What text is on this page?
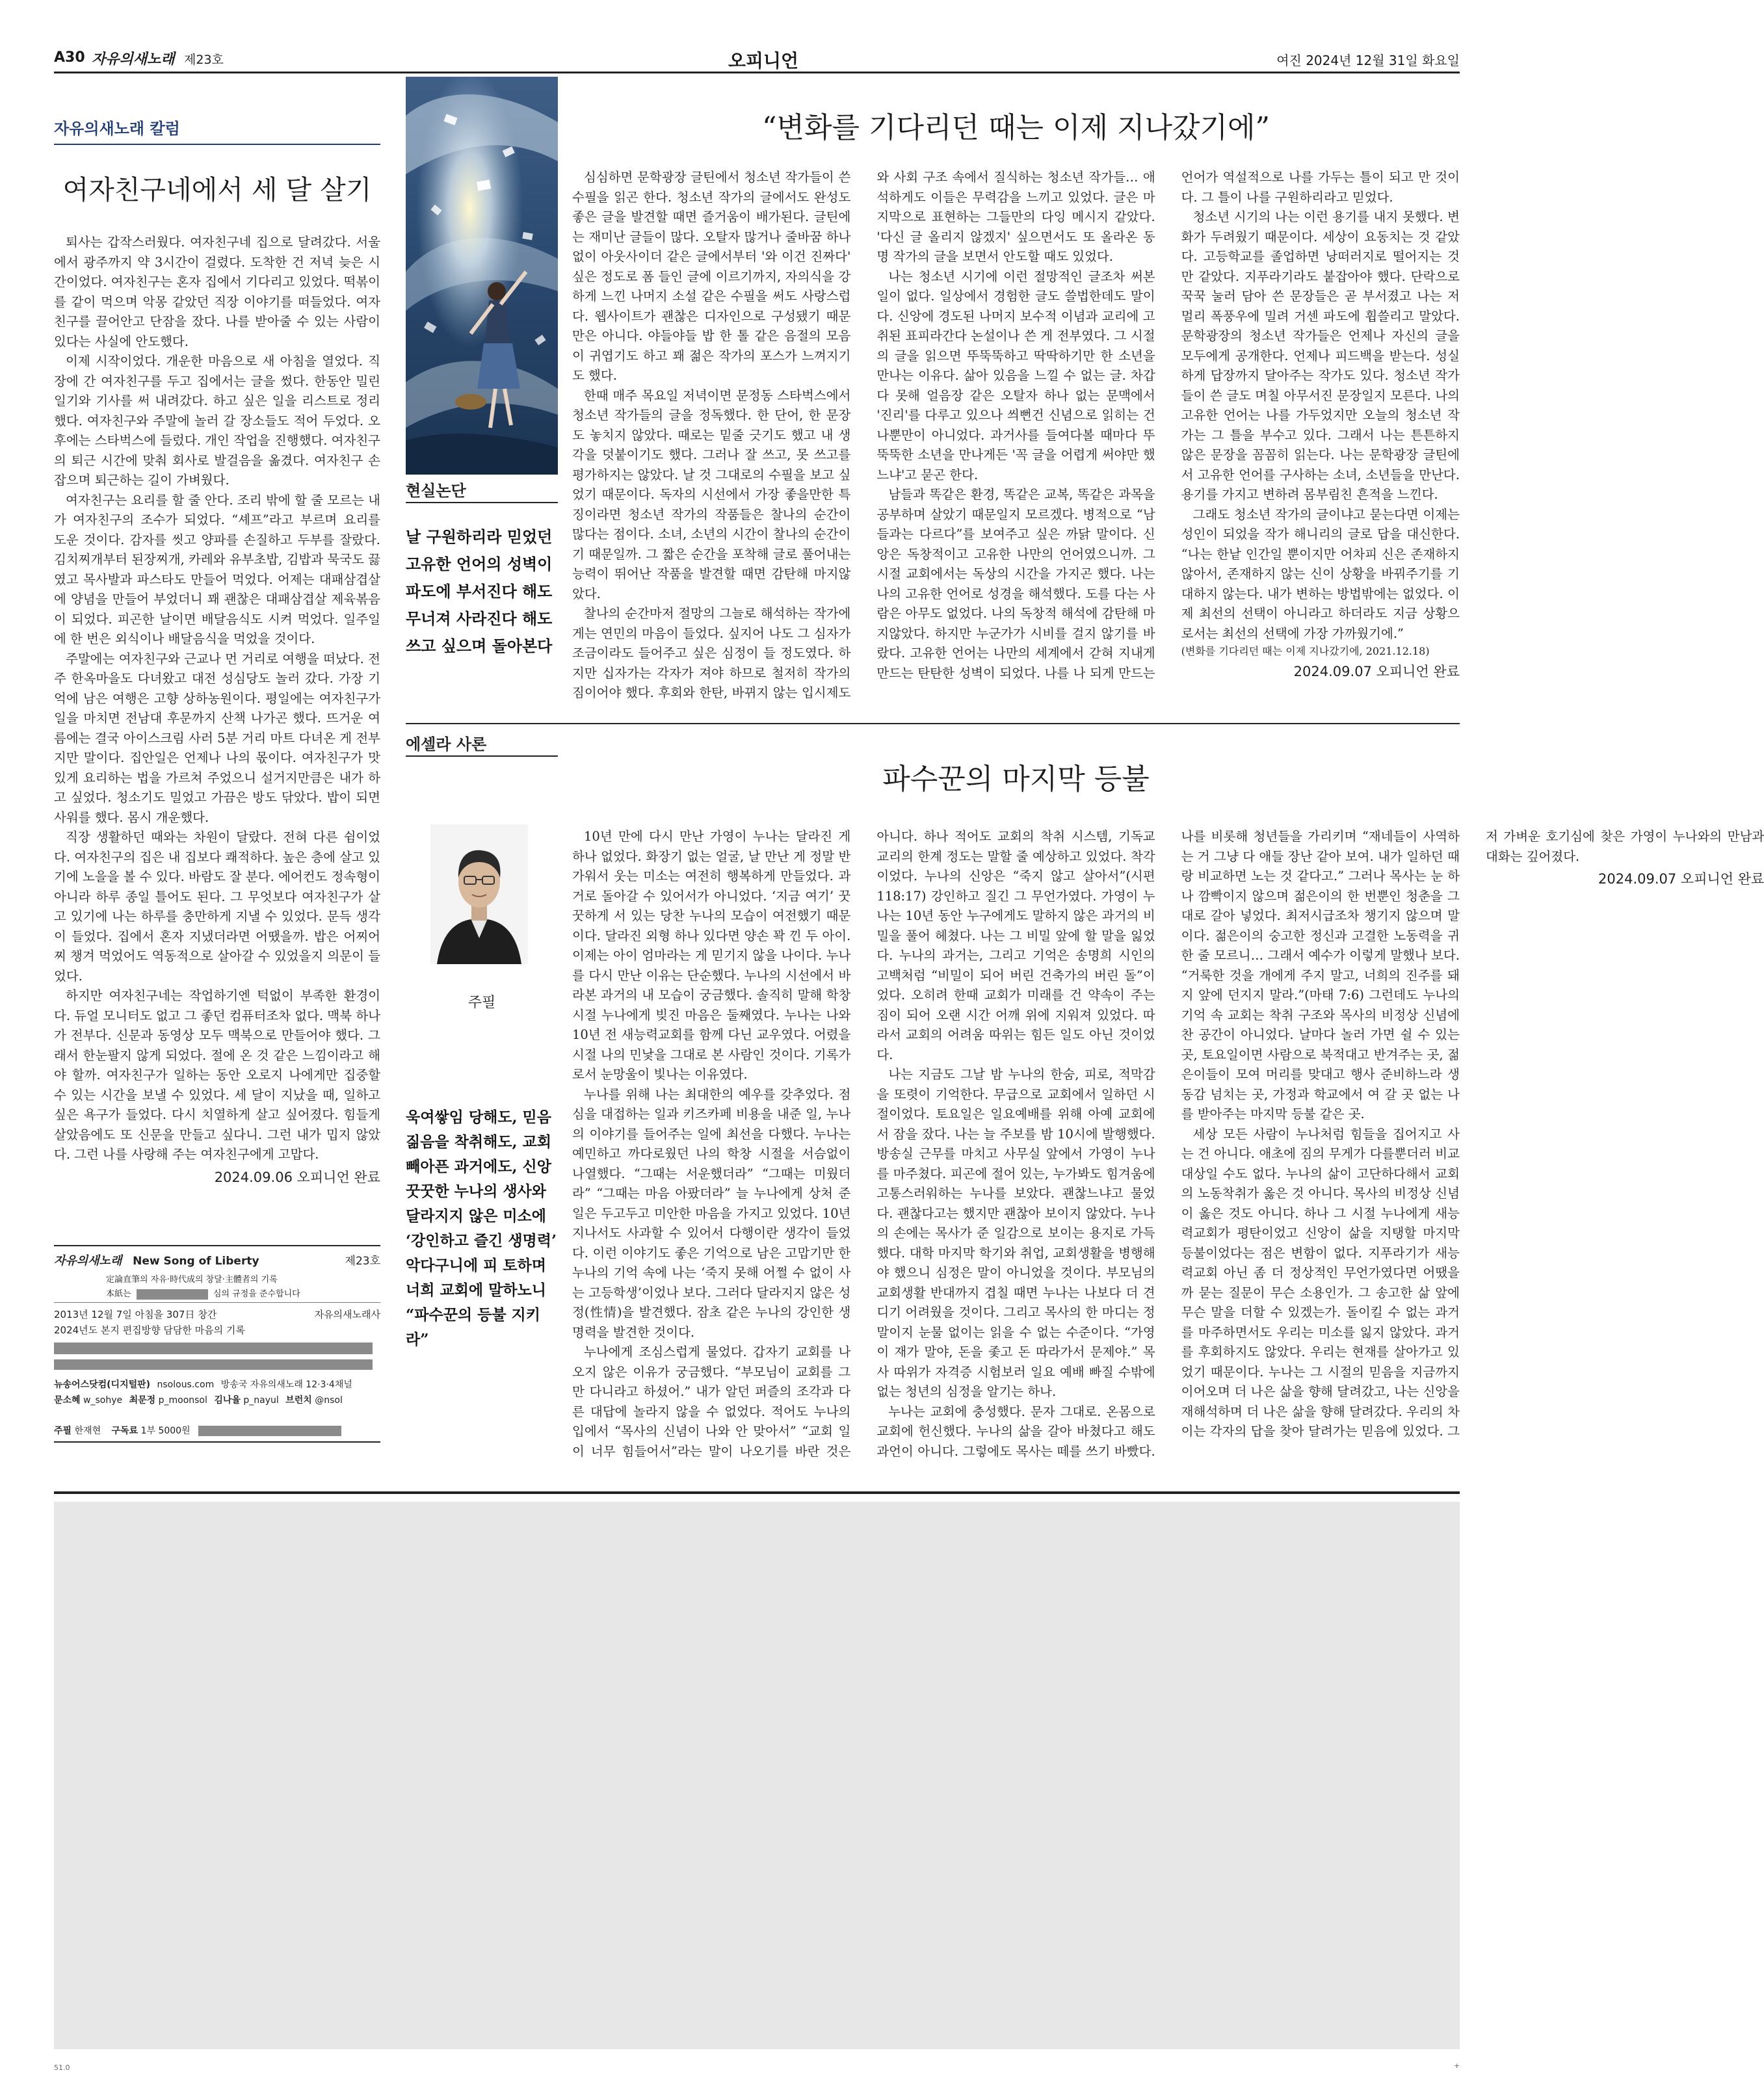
A30 자유의새노래 제23호	오피니언	여진 2024년 12월 31일 화요일
자유의새노래 칼럼
여자친구네에서 세 달 살기

퇴사는 갑작스러웠다. 여자친구네 집으로 달려갔다. 서울에서 광주까지 약 3시간이 걸렸다. 도착한 건 저녁 늦은 시간이었다. 여자친구는 혼자 집에서 기다리고 있었다. 떡볶이를 같이 먹으며 악몽 같았던 직장 이야기를 떠들었다. 여자친구를 끌어안고 단잠을 잤다. 나를 받아줄 수 있는 사람이 있다는 사실에 안도했다.

이제 시작이었다. 개운한 마음으로 새 아침을 열었다. 직장에 간 여자친구를 두고 집에서는 글을 썼다. 한동안 밀린 일기와 기사를 써 내려갔다. 하고 싶은 일을 리스트로 정리했다. 여자친구와 주말에 놀러 갈 장소들도 적어 두었다. 오후에는 스타벅스에 들렀다. 개인 작업을 진행했다. 여자친구의 퇴근 시간에 맞춰 회사로 발걸음을 옮겼다. 여자친구 손잡으며 퇴근하는 길이 가벼웠다.

여자친구는 요리를 할 줄 안다. 조리 밖에 할 줄 모르는 내가 여자친구의 조수가 되었다. “셰프”라고 부르며 요리를 도운 것이다. 감자를 씻고 양파를 손질하고 두부를 잘랐다. 김치찌개부터 된장찌개, 카레와 유부초밥, 김밥과 묵국도 끓였고 목사발과 파스타도 만들어 먹었다. 어제는 대패삼겹살에 양념을 만들어 부었더니 꽤 괜찮은 대패삼겹살 제육볶음이 되었다. 피곤한 날이면 배달음식도 시켜 먹었다. 일주일에 한 번은 외식이나 배달음식을 먹었을 것이다.

주말에는 여자친구와 근교나 먼 거리로 여행을 떠났다. 전주 한옥마을도 다녀왔고 대전 성심당도 놀러 갔다. 가장 기억에 남은 여행은 고향 상하농원이다. 평일에는 여자친구가 일을 마치면 전남대 후문까지 산책 나가곤 했다. 뜨거운 여름에는 결국 아이스크림 사러 5분 거리 마트 다녀온 게 전부지만 말이다. 집안일은 언제나 나의 몫이다. 여자친구가 맛있게 요리하는 법을 가르쳐 주었으니 설거지만큼은 내가 하고 싶었다. 청소기도 밀었고 가끔은 방도 닦았다. 밥이 되면 사워를 했다. 몸시 개운했다.

직장 생활하던 때와는 차원이 달랐다. 전혀 다른 쉼이었다. 여자친구의 집은 내 집보다 쾌적하다. 높은 층에 살고 있기에 노을을 볼 수 있다. 바람도 잘 분다. 에어컨도 정속형이 아니라 하루 종일 틀어도 된다. 그 무엇보다 여자친구가 살고 있기에 나는 하루를 충만하게 지낼 수 있었다. 문득 생각이 들었다. 집에서 혼자 지냈더라면 어땠을까. 밥은 어찌어찌 챙겨 먹었어도 역동적으로 살아갈 수 있었을지 의문이 들었다.

하지만 여자친구네는 작업하기엔 턱없이 부족한 환경이다. 듀얼 모니터도 없고 그 좋던 컴퓨터조차 없다. 맥북 하나가 전부다. 신문과 동영상 모두 맥북으로 만들어야 했다. 그래서 한눈팔지 않게 되었다. 절에 온 것 같은 느낌이라고 해야 할까. 여자친구가 일하는 동안 오로지 나에게만 집중할 수 있는 시간을 보낼 수 있었다. 세 달이 지났을 때, 일하고 싶은 욕구가 들었다. 다시 치열하게 살고 싶어졌다. 힘들게 살았음에도 또 신문을 만들고 싶다니. 그런 내가 밉지 않았다. 그런 나를 사랑해 주는 여자친구에게 고맙다.

2024.09.06 오피니언 완료
자유의새노래 New Song of Liberty	제23호
定論直筆의 자유·時代成의 창달·主體者의 기록
本紙는	심의 규정을 준수합니다
2013년 12월 7일 아침을 307日 창간	자유의새노래사
2024년도 본지 편집방향 담담한 마음의 기록
뉴송어스닷컴(디지털판) nsolous.com 방송국 자유의새노래 12·3·4채널
문소혜 w_sohye 최문정 p_moonsol 김나율 p_nayul 브런치 @nsol
주필 한재현 구독료 1부 5000원
현실논단
날 구원하리라 믿었던 고유한 언어의 성벽이 파도에 부서진다 해도 무너져 사라진다 해도 쓰고 싶으며 돌아본다
“변화를 기다리던 때는 이제 지나갔기에”

심심하면 문학광장 글틴에서 청소년 작가들이 쓴 수필을 읽곤 한다. 청소년 작가의 글에서도 완성도 좋은 글을 발견할 때면 즐거움이 배가된다. 글틴에는 재미난 글들이 많다. 오탈자 많거나 줄바꿈 하나 없이 아웃사이더 같은 글에서부터 '와 이건 진짜다' 싶은 정도로 폼 들인 글에 이르기까지, 자의식을 강하게 느낀 나머지 소설 같은 수필을 써도 사랑스럽다. 웹사이트가 괜찮은 디자인으로 구성됐기 때문만은 아니다. 야들야들 밥 한 톨 같은 음절의 모음이 귀엽기도 하고 꽤 젊은 작가의 포스가 느껴지기도 했다.

한때 매주 목요일 저녁이면 문정동 스타벅스에서 청소년 작가들의 글을 정독했다. 한 단어, 한 문장도 놓치지 않았다. 때로는 밑줄 긋기도 했고 내 생각을 덧붙이기도 했다. 그러나 잘 쓰고, 못 쓰고를 평가하지는 않았다. 날 것 그대로의 수필을 보고 싶었기 때문이다. 독자의 시선에서 가장 좋을만한 특징이라면 청소년 작가의 작품들은 찰나의 순간이 많다는 점이다. 소녀, 소년의 시간이 찰나의 순간이기 때문일까. 그 짧은 순간을 포착해 글로 풀어내는 능력이 뛰어난 작품을 발견할 때면 감탄해 마지않았다.

찰나의 순간마저 절망의 그늘로 해석하는 작가에게는 연민의 마음이 들었다. 싶지어 나도 그 심자가 조금이라도 들어주고 싶은 심정이 들 정도였다. 하지만 십자가는 각자가 져야 하므로 철저히 작가의 짐이어야 했다. 후회와 한탄, 바뀌지 않는 입시제도와 사회 구조 속에서 질식하는 청소년 작가들… 애석하게도 이들은 무력감을 느끼고 있었다. 글은 마지막으로 표현하는 그들만의 다잉 메시지 같았다. '다신 글 올리지 않겠지' 싶으면서도 또 올라온 동명 작가의 글을 보면서 안도할 때도 있었다.

나는 청소년 시기에 이런 절망적인 글조차 써본 일이 없다. 일상에서 경험한 글도 쓸법한데도 말이다. 신앙에 경도된 나머지 보수적 이념과 교리에 고취된 표피라간다 논설이나 쓴 게 전부였다. 그 시절의 글을 읽으면 뚜뚝뚝하고 딱딱하기만 한 소년을 만나는 이유다. 삶아 있음을 느낄 수 없는 글. 차갑다 못해 얼음장 같은 오탈자 하나 없는 문맥에서 '진리'를 다루고 있으나 씌뻔건 신념으로 읽히는 건 나뿐만이 아니었다. 과거사를 들여다볼 때마다 뚜뚝뚝한 소년을 만나게든 '꼭 글을 어렵게 써야만 했느냐'고 묻곤 한다.

남들과 똑같은 환경, 똑같은 교복, 똑같은 과목을 공부하며 살았기 때문일지 모르겠다. 병적으로 “남들과는 다르다”를 보여주고 싶은 까닭 말이다. 신앙은 독창적이고 고유한 나만의 언어였으니까. 그 시절 교회에서는 독상의 시간을 가지곤 했다. 나는 나의 고유한 언어로 성경을 해석했다. 도를 다는 사람은 아무도 없었다. 나의 독창적 해석에 감탄해 마지않았다. 하지만 누군가가 시비를 걸지 않기를 바랐다. 고유한 언어는 나만의 세계에서 갇혀 지내게 만드는 탄탄한 성벽이 되었다. 나를 나 되게 만드는 언어가 역설적으로 나를 가두는 틀이 되고 만 것이다. 그 틀이 나를 구원하리라고 믿었다.

청소년 시기의 나는 이런 용기를 내지 못했다. 변화가 두려웠기 때문이다. 세상이 요동치는 것 같았다. 고등학교를 졸업하면 낭떠러지로 떨어지는 것만 같았다. 지푸라기라도 붙잡아야 했다. 단락으로 꾹꾹 눌러 담아 쓴 문장들은 곧 부서졌고 나는 저 멀리 폭풍우에 밀려 거센 파도에 휩쓸리고 말았다. 문학광장의 청소년 작가들은 언제나 자신의 글을 모두에게 공개한다. 언제나 피드백을 받는다. 성실하게 답장까지 달아주는 작가도 있다. 청소년 작가들이 쓴 글도 며칠 아무서진 문장일지 모른다. 나의 고유한 언어는 나를 가두었지만 오늘의 청소년 작가는 그 틀을 부수고 있다. 그래서 나는 튼튼하지 않은 문장을 꼼꼼히 읽는다. 나는 문학광장 글틴에서 고유한 언어를 구사하는 소녀, 소년들을 만난다. 용기를 가지고 변하려 몸부림친 흔적을 느낀다.

그래도 청소년 작가의 글이냐고 묻는다면 이제는 성인이 되었을 작가 해니리의 글로 답을 대신한다. “나는 한낱 인간일 뿐이지만 어차피 신은 존재하지 않아서, 존재하지 않는 신이 상황을 바꿔주기를 기대하지 않는다. 내가 변하는 방법밖에는 없었다. 이제 최선의 선택이 아니라고 하더라도 지금 상황으로서는 최선의 선택에 가장 가까웠기에.”

(변화를 기다리던 때는 이제 지나갔기에, 2021.12.18)
2024.09.07 오피니언 완료
에셀라 사론
주필
욱여쌓임 당해도, 믿음 짊음을 착취해도, 교회 빼아픈 과거에도, 신앙 꿋꿋한 누나의 생사와 달라지지 않은 미소에 ‘강인하고 즐긴 생명력’ 악다구니에 피 토하며 너희 교회에 말하노니 “파수꾼의 등불 지키라”
파수꾼의 마지막 등불

10년 만에 다시 만난 가영이 누나는 달라진 게 하나 없었다. 화장기 없는 얼굴, 날 만난 게 정말 반가워서 웃는 미소는 여전히 행복하게 만들었다. 과거로 돌아갈 수 있어서가 아니었다. ‘지금 여기’ 꿋꿋하게 서 있는 당찬 누나의 모습이 여전했기 때문이다. 달라진 외형 하나 있다면 양손 꽉 낀 두 아이. 이제는 아이 엄마라는 게 믿기지 않을 나이다. 누나를 다시 만난 이유는 단순했다. 누나의 시선에서 바라본 과거의 내 모습이 궁금했다. 솔직히 말해 학창 시절 누나에게 빚진 마음은 둘째였다. 누나는 나와 10년 전 새능력교회를 함께 다닌 교우였다. 어렸을 시절 나의 민낯을 그대로 본 사람인 것이다. 기록가로서 눈망울이 빛나는 이유였다.

누나를 위해 나는 최대한의 예우를 갖추었다. 점심을 대접하는 일과 키즈카페 비용을 내준 일, 누나의 이야기를 들어주는 일에 최선을 다했다. 누나는 예민하고 까다로웠던 나의 학창 시절을 서슴없이 나열했다. “그때는 서운했더라” “그때는 미웠더라” “그때는 마음 아팠더라” 늘 누나에게 상처 준 일은 두고두고 미안한 마음을 가지고 있었다. 10년 지나서도 사과할 수 있어서 다행이란 생각이 들었다. 이런 이야기도 좋은 기억으로 남은 고맙기만 한 누나의 기억 속에 나는 ‘죽지 못해 어쩔 수 없이 사는 고등학생’이었나 보다. 그러다 달라지지 않은 성정(性情)을 발견했다. 잠초 같은 누나의 강인한 생명력을 발견한 것이다.

누나에게 조심스럽게 물었다. 갑자기 교회를 나오지 않은 이유가 궁금했다. “부모님이 교회를 그만 다니라고 하셨어.” 내가 알던 퍼즐의 조각과 다른 대답에 놀라지 않을 수 없었다. 적어도 누나의 입에서 “목사의 신념이 나와 안 맞아서” “교회 일이 너무 힘들어서”라는 말이 나오기를 바란 것은 아니다. 하나 적어도 교회의 착취 시스템, 기독교 교리의 한계 정도는 말할 줄 예상하고 있었다. 착각이었다. 누나의 신앙은 “죽지 않고 살아서”(시편 118:17) 강인하고 질긴 그 무언가였다. 가영이 누나는 10년 동안 누구에게도 말하지 않은 과거의 비밀을 풀어 헤쳤다. 나는 그 비밀 앞에 할 말을 잃었다. 누나의 과거는, 그리고 기억은 송명희 시인의 고백처럼 “비밀이 되어 버린 건축가의 버린 돌”이었다. 오히려 한때 교회가 미래를 건 약속이 주는 짐이 되어 오랜 시간 어깨 위에 지워져 있었다. 따라서 교회의 어려움 따위는 힘든 일도 아닌 것이었다.

나는 지금도 그날 밤 누나의 한숨, 피로, 적막감을 또렷이 기억한다. 무급으로 교회에서 일하던 시절이었다. 토요일은 일요예배를 위해 아예 교회에서 잠을 잤다. 나는 늘 주보를 밤 10시에 발행했다. 방송실 근무를 마치고 사무실 앞에서 가영이 누나를 마주쳤다. 피곤에 절어 있는, 누가봐도 힘겨움에 고통스러워하는 누나를 보았다. 괜찮느냐고 물었다. 괜찮다고는 했지만 괜찮아 보이지 않았다. 누나의 손에는 목사가 준 일감으로 보이는 용지로 가득했다. 대학 마지막 학기와 취업, 교회생활을 병행해야 했으니 심정은 말이 아니었을 것이다. 부모님의 교회생활 반대까지 겹칠 때면 누나는 나보다 더 견디기 어려웠을 것이다. 그리고 목사의 한 마디는 정말이지 눈물 없이는 읽을 수 없는 수준이다. “가영이 재가 말야, 돈을 좇고 돈 따라가서 문제야.” 목사 따위가 자격증 시험보러 일요 예배 빠질 수밖에 없는 청년의 심정을 알기는 하나.

누나는 교회에 충성했다. 문자 그대로. 온몸으로 교회에 헌신했다. 누나의 삶을 갈아 바쳤다고 해도 과언이 아니다. 그렇에도 목사는 떼를 쓰기 바빴다. 나를 비롯해 청년들을 가리키며 “재네들이 사역하는 거 그냥 다 애들 장난 같아 보여. 내가 일하던 때랑 비교하면 노는 것 같다고.” 그러나 목사는 눈 하나 깜빡이지 않으며 젊은이의 한 번뿐인 청춘을 그대로 갈아 넣었다. 최저시급조차 챙기지 않으며 말이다. 젊은이의 숭고한 정신과 고결한 노동력을 귀한 줄 모르니… 그래서 예수가 이렇게 말했나 보다. “거룩한 것을 개에게 주지 말고, 너희의 진주를 돼지 앞에 던지지 말라.”(마태 7:6) 그런데도 누나의 기억 속 교회는 착취 구조와 목사의 비정상 신념에 찬 공간이 아니었다. 날마다 놀러 가면 쉴 수 있는 곳, 토요일이면 사람으로 북적대고 반겨주는 곳, 젊은이들이 모여 머리를 맞대고 행사 준비하느라 생동감 넘치는 곳, 가정과 학교에서 여 갈 곳 없는 나를 받아주는 마지막 등불 같은 곳.

세상 모든 사람이 누나처럼 힘들을 집어지고 사는 건 아니다. 애초에 짐의 무게가 다를뿐더러 비교 대상일 수도 없다. 누나의 삶이 고단하다해서 교회의 노동착취가 옳은 것 아니다. 목사의 비정상 신념이 옳은 것도 아니다. 하나 그 시절 누나에게 새능력교회가 평탄이었고 신앙이 삶을 지탱할 마지막 등불이었다는 점은 변함이 없다. 지푸라기가 새능력교회 아닌 좀 더 정상적인 무언가였다면 어땠을까 묻는 질문이 무슨 소용인가. 그 송고한 삶 앞에 무슨 말을 더할 수 있겠는가. 돌이킬 수 없는 과거를 마주하면서도 우리는 미소를 잃지 않았다. 과거를 후회하지도 않았다. 우리는 현재를 살아가고 있었기 때문이다. 누나는 그 시절의 믿음을 지금까지 이어오며 더 나은 삶을 향해 달려갔고, 나는 신앙을 재해석하며 더 나은 삶을 향해 달려갔다. 우리의 차이는 각자의 답을 찾아 달려가는 믿음에 있었다. 그저 가벼운 호기심에 찾은 가영이 누나와의 만남과 대화는 깊어졌다.

2024.09.07 오피니언 완료
51.0	+
